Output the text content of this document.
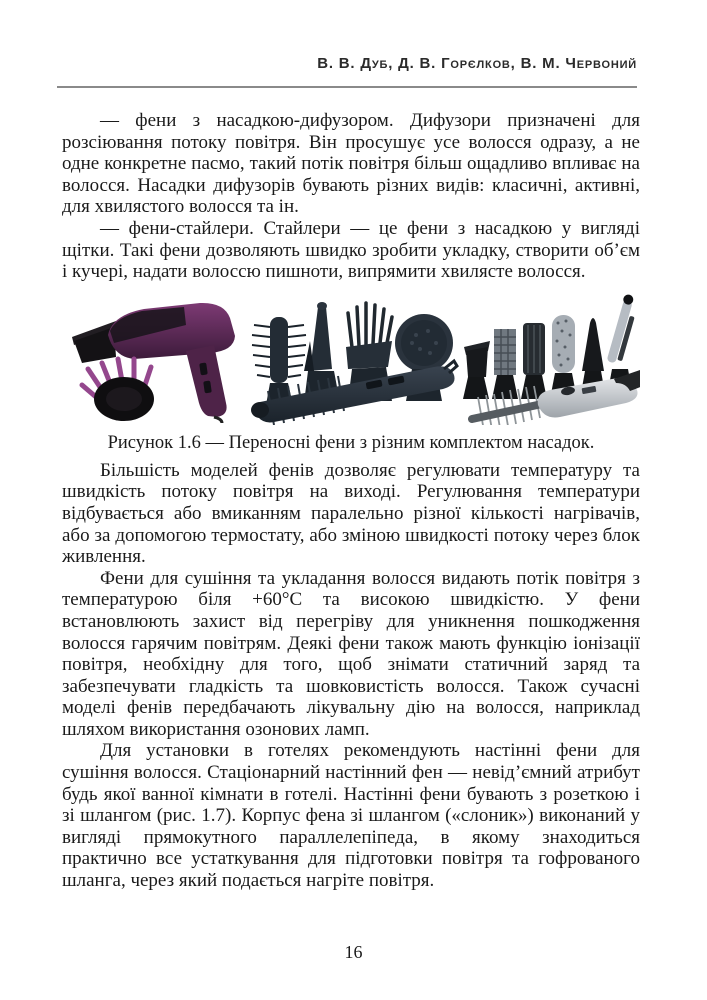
В. В. Дуб, Д. В. Горєлков, В. М. Червоний

— фени з насадкою-дифузором. Дифузори призначені для розсіювання потоку повітря. Він просушує усе волосся одразу, а не одне конкретне пасмо, такий потік повітря більш ощадливо впливає на волосся. Насадки дифузорів бувають різних видів: класичні, активні, для хвилястого волосся та ін.

— фени-стайлери. Стайлери — це фени з насадкою у вигляді щітки. Такі фени дозволяють швидко зробити укладку, створити об’єм і кучері, надати волоссю пишноти, випрямити хвилясте волосся.

Рисунок 1.6 — Переносні фени з різним комплектом насадок.

Більшість моделей фенів дозволяє регулювати температуру та швидкість потоку повітря на виході. Регулювання температури відбувається або вмиканням паралельно різної кількості нагрівачів, або за допомогою термостату, або зміною швидкості потоку через блок живлення.

Фени для сушіння та укладання волосся видають потік повітря з температурою біля +60°С та високою швидкістю. У фени встановлюють захист від перегріву для уникнення пошкодження волосся гарячим повітрям. Деякі фени також мають функцію іонізації повітря, необхідну для того, щоб знімати статичний заряд та забезпечувати гладкість та шовковистість волосся. Також сучасні моделі фенів передбачають лікувальну дію на волосся, наприклад шляхом використання озонових ламп.

Для установки в готелях рекомендують настінні фени для сушіння волосся. Стаціонарний настінний фен — невід’ємний атрибут будь якої ванної кімнати в готелі. Настінні фени бувають з розеткою і зі шлангом (рис. 1.7). Корпус фена зі шлангом («слоник») виконаний у вигляді прямокутного параллелепіпеда, в якому знаходиться практично все устаткування для підготовки повітря та гофрованого шланга, через який подається нагріте повітря.

16
